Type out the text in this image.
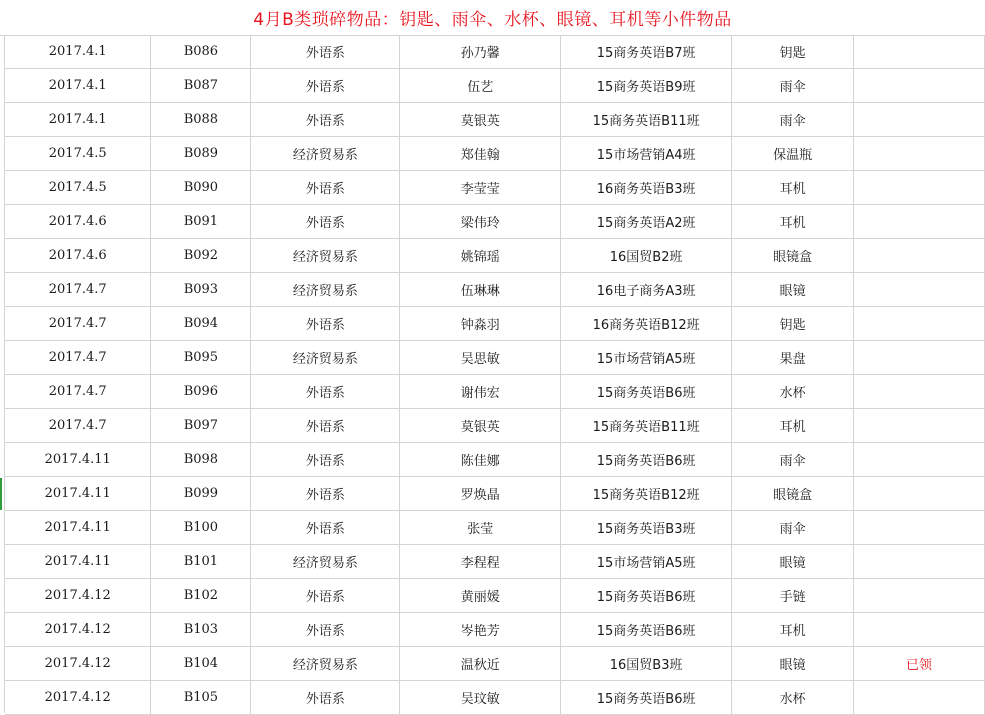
4月B类琐碎物品：钥匙、雨伞、水杯、眼镜、耳机等小件物品
2017.4.1	B086	外语系	孙乃馨	15商务英语B7班	钥匙	
2017.4.1	B087	外语系	伍艺	15商务英语B9班	雨伞	
2017.4.1	B088	外语系	莫银英	15商务英语B11班	雨伞	
2017.4.5	B089	经济贸易系	郑佳翰	15市场营销A4班	保温瓶	
2017.4.5	B090	外语系	李莹莹	16商务英语B3班	耳机	
2017.4.6	B091	外语系	梁伟玲	15商务英语A2班	耳机	
2017.4.6	B092	经济贸易系	姚锦瑶	16国贸B2班	眼镜盒	
2017.4.7	B093	经济贸易系	伍琳琳	16电子商务A3班	眼镜	
2017.4.7	B094	外语系	钟淼羽	16商务英语B12班	钥匙	
2017.4.7	B095	经济贸易系	吴思敏	15市场营销A5班	果盘	
2017.4.7	B096	外语系	谢伟宏	15商务英语B6班	水杯	
2017.4.7	B097	外语系	莫银英	15商务英语B11班	耳机	
2017.4.11	B098	外语系	陈佳娜	15商务英语B6班	雨伞	
2017.4.11	B099	外语系	罗焕晶	15商务英语B12班	眼镜盒	
2017.4.11	B100	外语系	张莹	15商务英语B3班	雨伞	
2017.4.11	B101	经济贸易系	李程程	15市场营销A5班	眼镜	
2017.4.12	B102	外语系	黄丽媛	15商务英语B6班	手链	
2017.4.12	B103	外语系	岑艳芳	15商务英语B6班	耳机	
2017.4.12	B104	经济贸易系	温秋近	16国贸B3班	眼镜	已领
2017.4.12	B105	外语系	吴玟敏	15商务英语B6班	水杯	
